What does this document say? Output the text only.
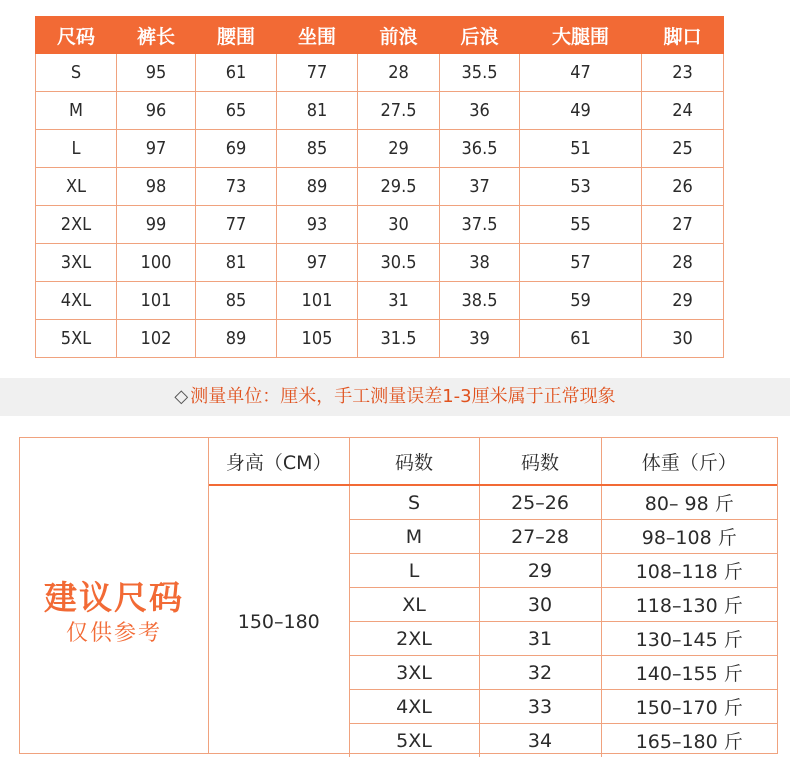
尺码	裤长	腰围	坐围	前浪	后浪	大腿围	脚口
S	95	61	77	28	35.5	47	23
M	96	65	81	27.5	36	49	24
L	97	69	85	29	36.5	51	25
XL	98	73	89	29.5	37	53	26
2XL	99	77	93	30	37.5	55	27
3XL	100	81	97	30.5	38	57	28
4XL	101	85	101	31	38.5	59	29
5XL	102	89	105	31.5	39	61	30
◇ 测量单位：厘米，手工测量误差1-3厘米属于正常现象
建议尺码
仅供参考
身高（CM）	码数	码数	体重（斤）
150–180	S	25–26	80– 98 斤
	M	27–28	98–108 斤
	L	29	108–118 斤
	XL	30	118–130 斤
	2XL	31	130–145 斤
	3XL	32	140–155 斤
	4XL	33	150–170 斤
	5XL	34	165–180 斤
